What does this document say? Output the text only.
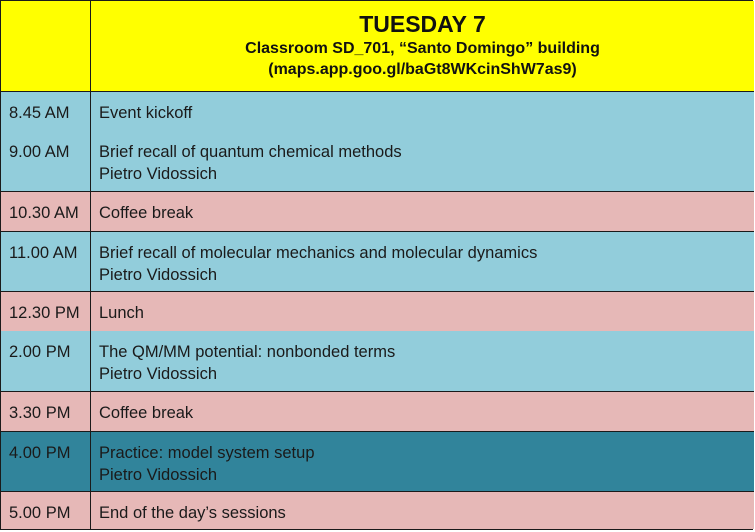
TUESDAY 7
Classroom SD_701, “Santo Domingo” building
(maps.app.goo.gl/baGt8WKcinShW7as9)
8.45 AM	Event kickoff
9.00 AM	Brief recall of quantum chemical methods
Pietro Vidossich
10.30 AM	Coffee break
11.00 AM	Brief recall of molecular mechanics and molecular dynamics
Pietro Vidossich
12.30 PM	Lunch
2.00 PM	The QM/MM potential: nonbonded terms
Pietro Vidossich
3.30 PM	Coffee break
4.00 PM	Practice: model system setup
Pietro Vidossich
5.00 PM	End of the day’s sessions
